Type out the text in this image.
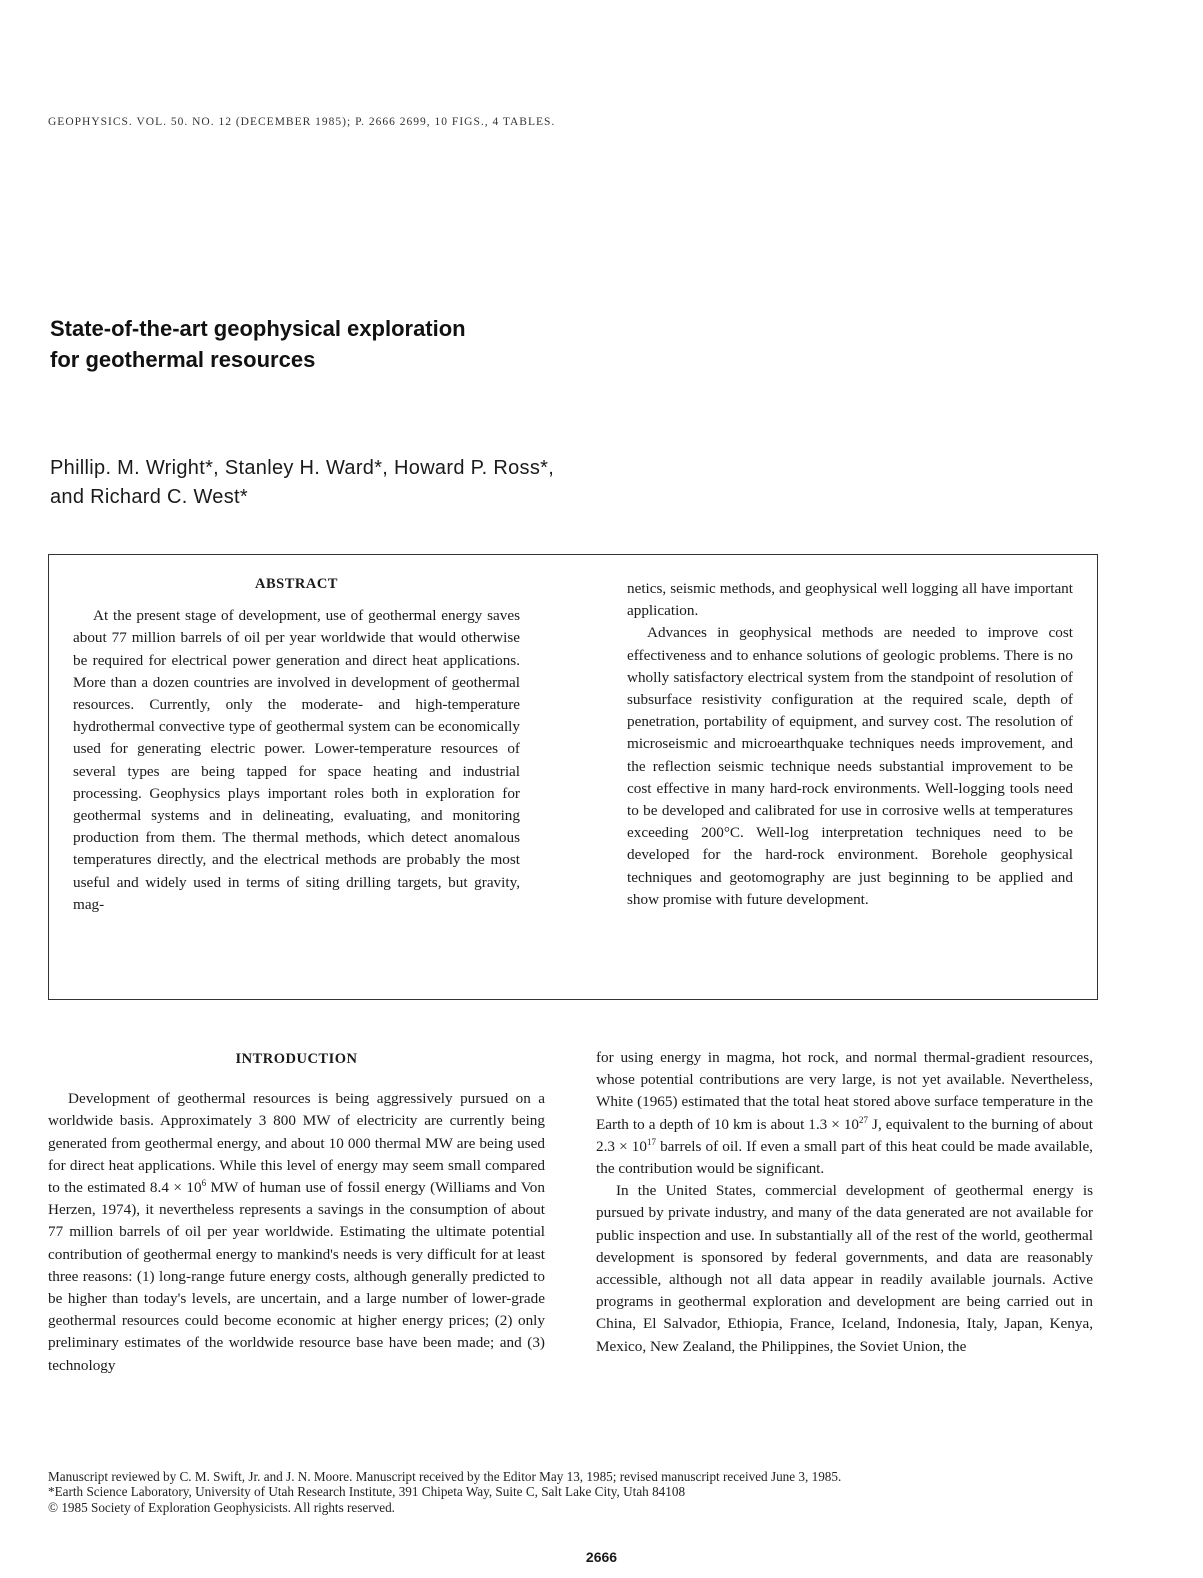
GEOPHYSICS. VOL. 50. NO. 12 (DECEMBER 1985); P. 2666 2699, 10 FIGS., 4 TABLES.
State-of-the-art geophysical exploration
for geothermal resources
Phillip. M. Wright*, Stanley H. Ward*, Howard P. Ross*,
and Richard C. West*
ABSTRACT

At the present stage of development, use of geothermal energy saves about 77 million barrels of oil per year worldwide that would otherwise be required for electrical power generation and direct heat applications. More than a dozen countries are involved in development of geothermal resources. Currently, only the moderate- and high-temperature hydrothermal convective type of geothermal system can be economically used for generating electric power. Lower-temperature resources of several types are being tapped for space heating and industrial processing. Geophysics plays important roles both in exploration for geothermal systems and in delineating, evaluating, and monitoring production from them. The thermal methods, which detect anomalous temperatures directly, and the electrical methods are probably the most useful and widely used in terms of siting drilling targets, but gravity, mag-

netics, seismic methods, and geophysical well logging all have important application.

Advances in geophysical methods are needed to improve cost effectiveness and to enhance solutions of geologic problems. There is no wholly satisfactory electrical system from the standpoint of resolution of subsurface resistivity configuration at the required scale, depth of penetration, portability of equipment, and survey cost. The resolution of microseismic and microearthquake techniques needs improvement, and the reflection seismic technique needs substantial improvement to be cost effective in many hard-rock environments. Well-logging tools need to be developed and calibrated for use in corrosive wells at temperatures exceeding 200°C. Well-log interpretation techniques need to be developed for the hard-rock environment. Borehole geophysical techniques and geotomography are just beginning to be applied and show promise with future development.

INTRODUCTION

Development of geothermal resources is being aggressively pursued on a worldwide basis. Approximately 3 800 MW of electricity are currently being generated from geothermal energy, and about 10 000 thermal MW are being used for direct heat applications. While this level of energy may seem small compared to the estimated $8.4 \times 10^6$ MW of human use of fossil energy (Williams and Von Herzen, 1974), it nevertheless represents a savings in the consumption of about 77 million barrels of oil per year worldwide. Estimating the ultimate potential contribution of geothermal energy to mankind's needs is very difficult for at least three reasons: (1) long-range future energy costs, although generally predicted to be higher than today's levels, are uncertain, and a large number of lower-grade geothermal resources could become economic at higher energy prices; (2) only preliminary estimates of the worldwide resource base have been made; and (3) technology

for using energy in magma, hot rock, and normal thermal-gradient resources, whose potential contributions are very large, is not yet available. Nevertheless, White (1965) estimated that the total heat stored above surface temperature in the Earth to a depth of 10 km is about $1.3 \times 10^{27}$ J, equivalent to the burning of about $2.3 \times 10^{17}$ barrels of oil. If even a small part of this heat could be made available, the contribution would be significant.

In the United States, commercial development of geothermal energy is pursued by private industry, and many of the data generated are not available for public inspection and use. In substantially all of the rest of the world, geothermal development is sponsored by federal governments, and data are reasonably accessible, although not all data appear in readily available journals. Active programs in geothermal exploration and development are being carried out in China, El Salvador, Ethiopia, France, Iceland, Indonesia, Italy, Japan, Kenya, Mexico, New Zealand, the Philippines, the Soviet Union, the

Manuscript reviewed by C. M. Swift, Jr. and J. N. Moore. Manuscript received by the Editor May 13, 1985; revised manuscript received June 3, 1985.
*Earth Science Laboratory, University of Utah Research Institute, 391 Chipeta Way, Suite C, Salt Lake City, Utah 84108
© 1985 Society of Exploration Geophysicists. All rights reserved.
2666
